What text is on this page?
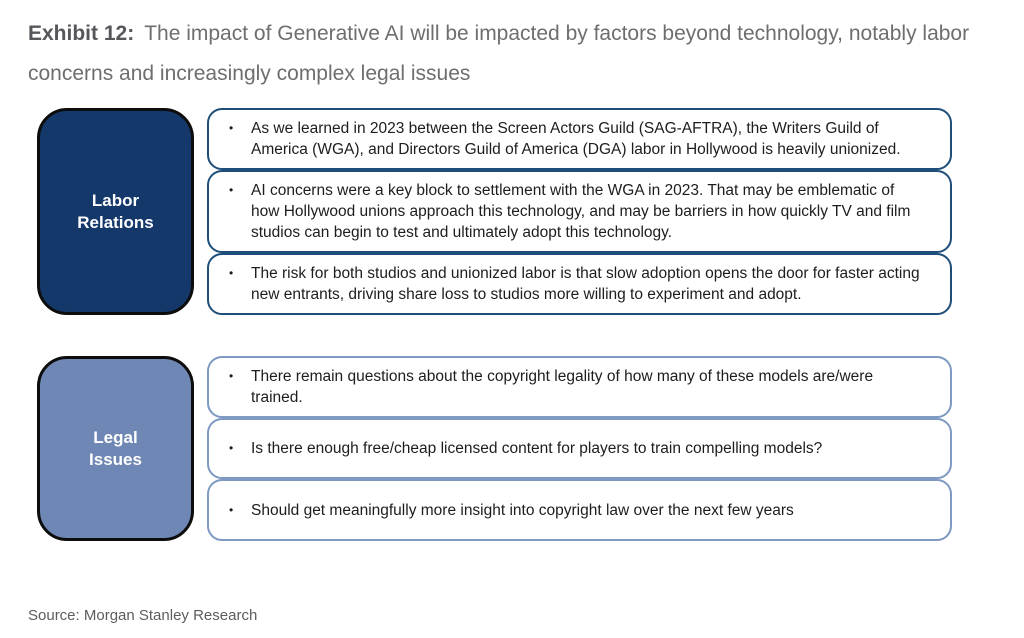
Exhibit 12: The impact of Generative AI will be impacted by factors beyond technology, notably labor concerns and increasingly complex legal issues
Labor Relations
•	As we learned in 2023 between the Screen Actors Guild (SAG-AFTRA), the Writers Guild of America (WGA), and Directors Guild of America (DGA) labor in Hollywood is heavily unionized.
•	AI concerns were a key block to settlement with the WGA in 2023. That may be emblematic of how Hollywood unions approach this technology, and may be barriers in how quickly TV and film studios can begin to test and ultimately adopt this technology.
•	The risk for both studios and unionized labor is that slow adoption opens the door for faster acting new entrants, driving share loss to studios more willing to experiment and adopt.
Legal Issues
•	There remain questions about the copyright legality of how many of these models are/were trained.
•	Is there enough free/cheap licensed content for players to train compelling models?
•	Should get meaningfully more insight into copyright law over the next few years
Source: Morgan Stanley Research
